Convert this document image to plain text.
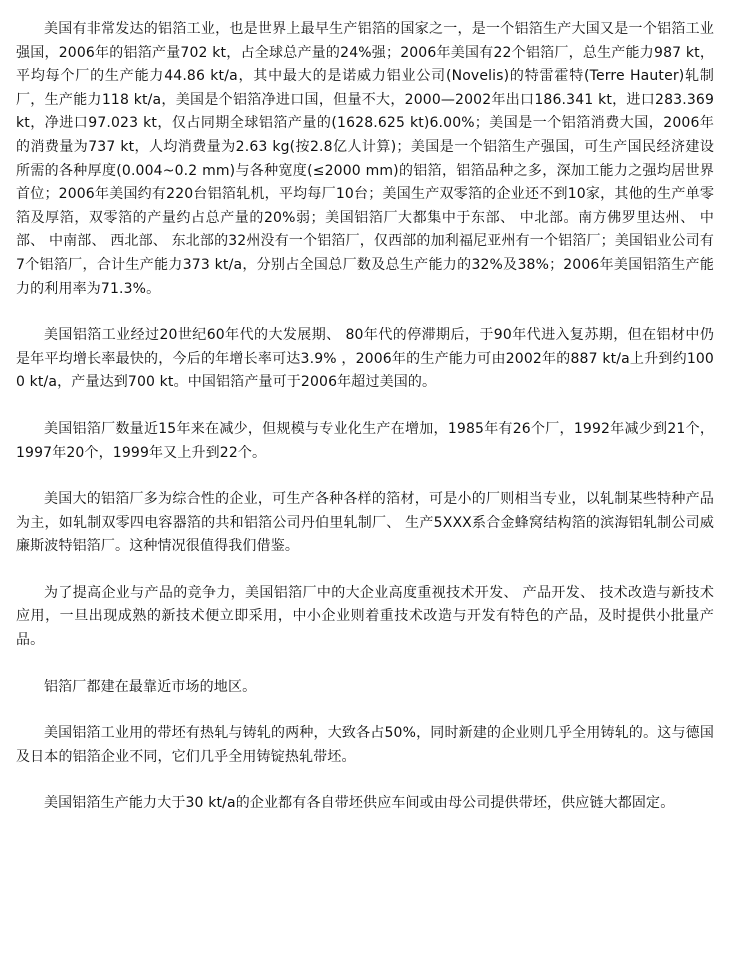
美国有非常发达的铝箔工业，也是世界上最早生产铝箔的国家之一，是一个铝箔生产大国又是一个铝箔工业强国，2006年的铝箔产量702 kt，占全球总产量的24%强；2006年美国有22个铝箔厂，总生产能力987 kt，平均每个厂的生产能力44.86 kt/a，其中最大的是诺威力铝业公司(Novelis)的特雷霍特(Terre Hauter)轧制厂，生产能力118 kt/a，美国是个铝箔净进口国，但量不大，2000—2002年出口186.341 kt，进口283.369 kt，净进口97.023 kt，仅占同期全球铝箔产量的(1628.625 kt)6.00%；美国是一个铝箔消费大国，2006年的消费量为737 kt，人均消费量为2.63 kg(按2.8亿人计算)；美国是一个铝箔生产强国，可生产国民经济建设所需的各种厚度(0.004~0.2 mm)与各种宽度(≤2000 mm)的铝箔，铝箔品种之多，深加工能力之强均居世界首位；2006年美国约有220台铝箔轧机，平均每厂10台；美国生产双零箔的企业还不到10家，其他的生产单零箔及厚箔，双零箔的产量约占总产量的20%弱；美国铝箔厂大都集中于东部、 中北部。南方佛罗里达州、 中部、 中南部、 西北部、 东北部的32州没有一个铝箔厂，仅西部的加利福尼亚州有一个铝箔厂；美国铝业公司有7个铝箔厂，合计生产能力373 kt/a，分别占全国总厂数及总生产能力的32%及38%；2006年美国铝箔生产能力的利用率为71.3%。

美国铝箔工业经过20世纪60年代的大发展期、 80年代的停滞期后，于90年代进入复苏期，但在铝材中仍是年平均增长率最快的，今后的年增长率可达3.9% ，2006年的生产能力可由2002年的887 kt/a上升到约1000 kt/a，产量达到700 kt。中国铝箔产量可于2006年超过美国的。

美国铝箔厂数量近15年来在减少，但规模与专业化生产在增加，1985年有26个厂，1992年减少到21个，1997年20个，1999年又上升到22个。

美国大的铝箔厂多为综合性的企业，可生产各种各样的箔材，可是小的厂则相当专业，以轧制某些特种产品为主，如轧制双零四电容器箔的共和铝箔公司丹伯里轧制厂、 生产5XXX系合金蜂窝结构箔的滨海铝轧制公司威廉斯波特铝箔厂。这种情况很值得我们借鉴。

为了提高企业与产品的竞争力，美国铝箔厂中的大企业高度重视技术开发、 产品开发、 技术改造与新技术应用，一旦出现成熟的新技术便立即采用，中小企业则着重技术改造与开发有特色的产品，及时提供小批量产品。

铝箔厂都建在最靠近市场的地区。

美国铝箔工业用的带坯有热轧与铸轧的两种，大致各占50%，同时新建的企业则几乎全用铸轧的。这与德国及日本的铝箔企业不同，它们几乎全用铸锭热轧带坯。

美国铝箔生产能力大于30 kt/a的企业都有各自带坯供应车间或由母公司提供带坯，供应链大都固定。
